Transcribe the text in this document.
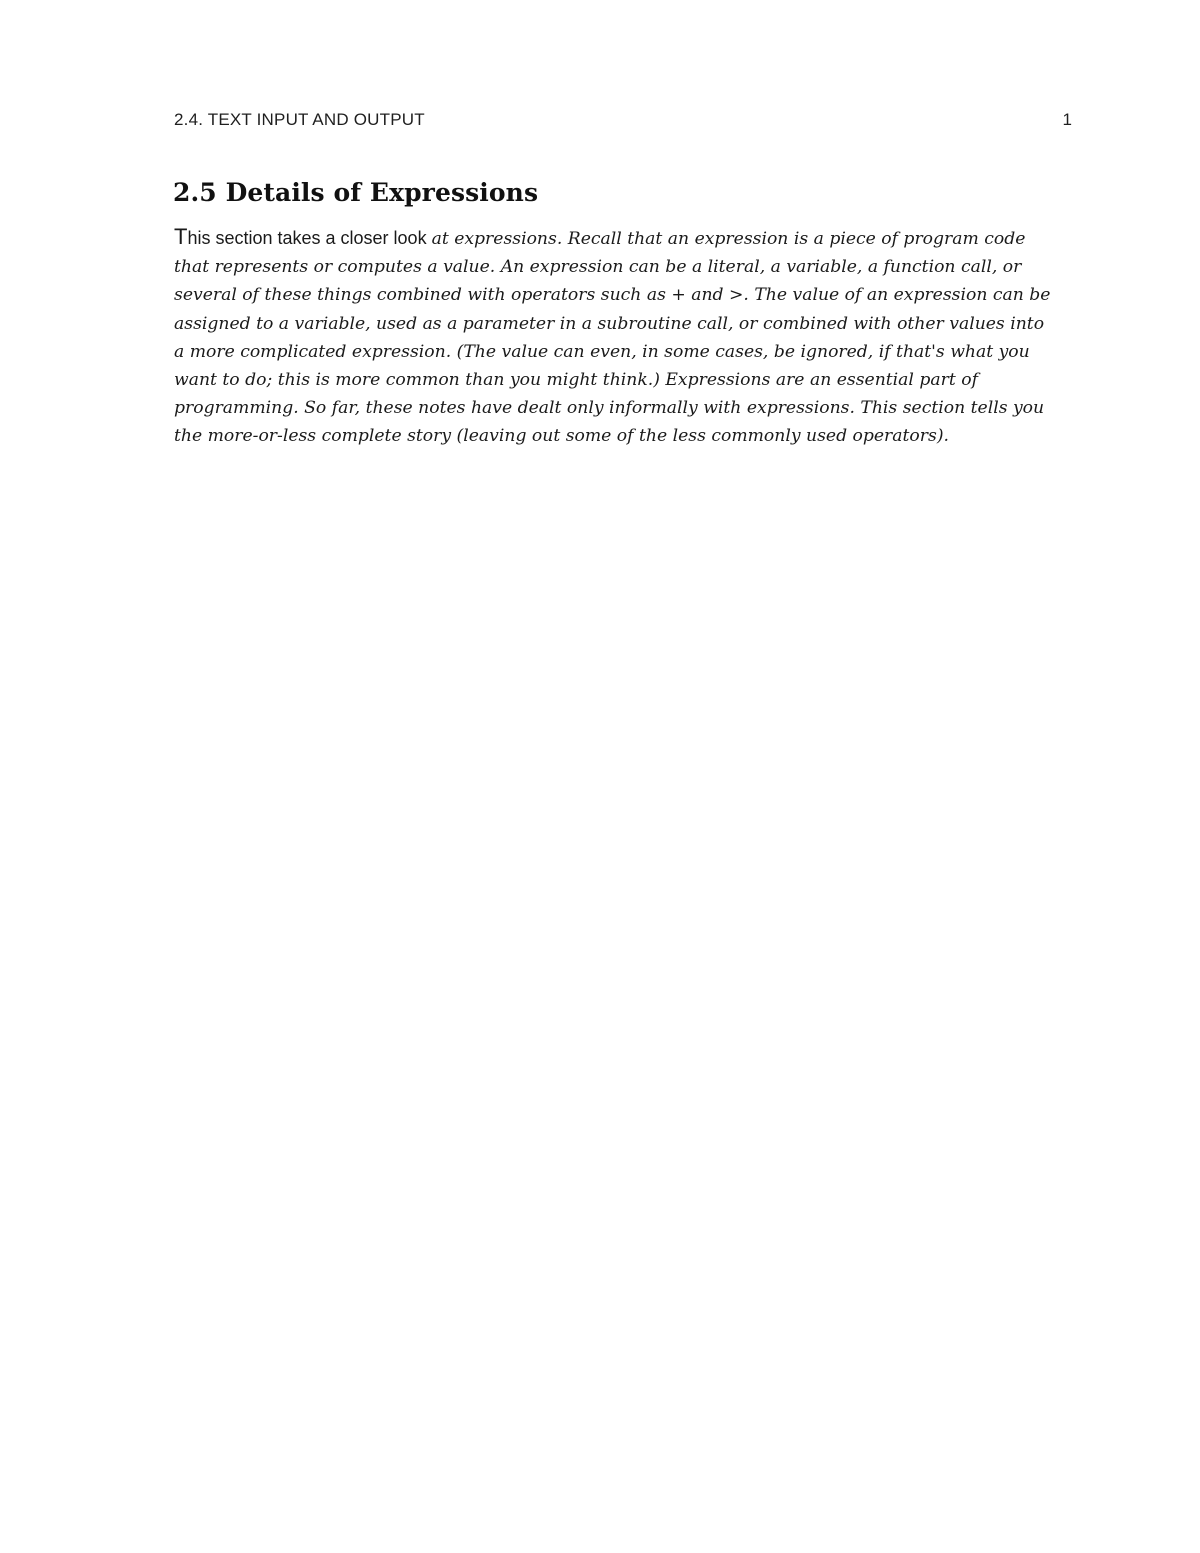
2.4. TEXT INPUT AND OUTPUT	1
2.5 Details of Expressions

This section takes a closer look at expressions. Recall that an expression is a piece of program code that represents or computes a value. An expression can be a literal, a variable, a function call, or several of these things combined with operators such as + and >. The value of an expression can be assigned to a variable, used as a parameter in a subroutine call, or combined with other values into a more complicated expression. (The value can even, in some cases, be ignored, if that's what you want to do; this is more common than you might think.) Expressions are an essential part of programming. So far, these notes have dealt only informally with expressions. This section tells you the more-or-less complete story (leaving out some of the less commonly used operators).
